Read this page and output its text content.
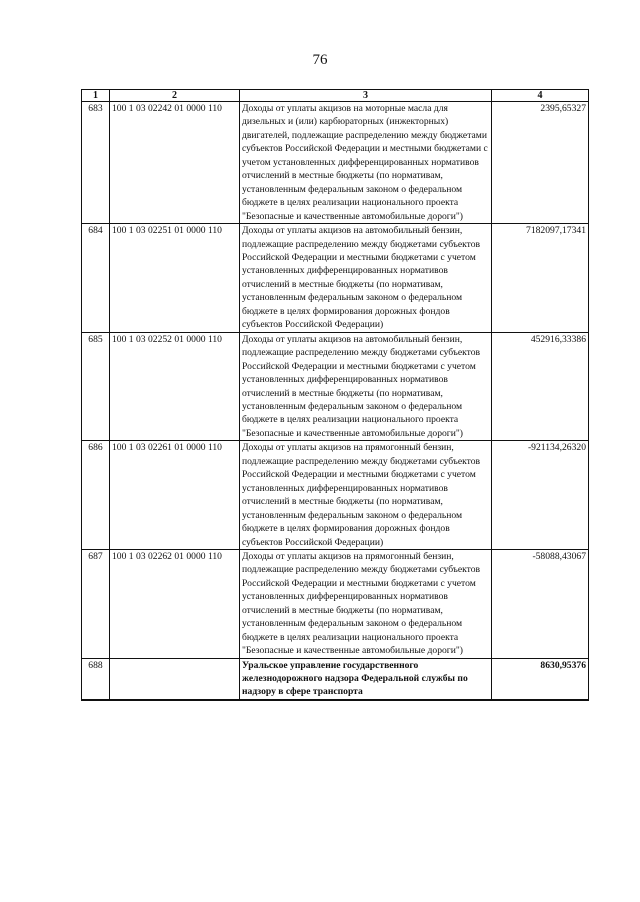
76
1	2	3	4
683	100 1 03 02242 01 0000 110	Доходы от уплаты акцизов на моторные масла для дизельных и (или) карбюраторных (инжекторных) двигателей, подлежащие распределению между бюджетами субъектов Российской Федерации и местными бюджетами с учетом установленных дифференцированных нормативов отчислений в местные бюджеты (по нормативам, установленным федеральным законом о федеральном бюджете в целях реализации национального проекта "Безопасные и качественные автомобильные дороги")	2395,65327
684	100 1 03 02251 01 0000 110	Доходы от уплаты акцизов на автомобильный бензин, подлежащие распределению между бюджетами субъектов Российской Федерации и местными бюджетами с учетом установленных дифференцированных нормативов отчислений в местные бюджеты (по нормативам, установленным федеральным законом о федеральном бюджете в целях формирования дорожных фондов субъектов Российской Федерации)	7182097,17341
685	100 1 03 02252 01 0000 110	Доходы от уплаты акцизов на автомобильный бензин, подлежащие распределению между бюджетами субъектов Российской Федерации и местными бюджетами с учетом установленных дифференцированных нормативов отчислений в местные бюджеты (по нормативам, установленным федеральным законом о федеральном бюджете в целях реализации национального проекта "Безопасные и качественные автомобильные дороги")	452916,33386
686	100 1 03 02261 01 0000 110	Доходы от уплаты акцизов на прямогонный бензин, подлежащие распределению между бюджетами субъектов Российской Федерации и местными бюджетами с учетом установленных дифференцированных нормативов отчислений в местные бюджеты (по нормативам, установленным федеральным законом о федеральном бюджете в целях формирования дорожных фондов субъектов Российской Федерации)	-921134,26320
687	100 1 03 02262 01 0000 110	Доходы от уплаты акцизов на прямогонный бензин, подлежащие распределению между бюджетами субъектов Российской Федерации и местными бюджетами с учетом установленных дифференцированных нормативов отчислений в местные бюджеты (по нормативам, установленным федеральным законом о федеральном бюджете в целях реализации национального проекта "Безопасные и качественные автомобильные дороги")	-58088,43067
688		Уральское управление государственного железнодорожного надзора Федеральной службы по надзору в сфере транспорта	8630,95376
